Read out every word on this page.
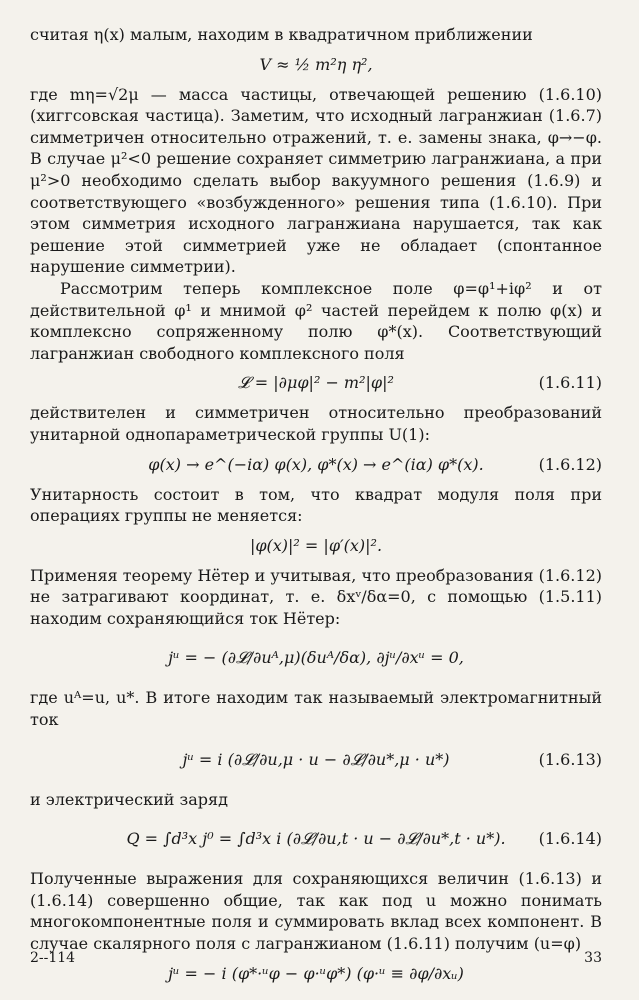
считая η(x) малым, находим в квадратичном приближении

V ≈ ½ m²η η²,

где mη=√2μ — масса частицы, отвечающей решению (1.6.10) (хиггсовская частица). Заметим, что исходный лагранжиан (1.6.7) симметричен относительно отражений, т. е. замены знака, φ→−φ. В случае μ²<0 решение сохраняет симметрию лагранжиана, а при μ²>0 необходимо сделать выбор вакуумного решения (1.6.9) и соответствующего «возбужденного» решения типа (1.6.10). При этом симметрия исходного лагранжиана нарушается, так как решение этой симметрией уже не обладает (спонтанное нарушение симметрии).

Рассмотрим теперь комплексное поле φ=φ¹+iφ² и от действительной φ¹ и мнимой φ² частей перейдем к полю φ(x) и комплексно сопряженному полю φ*(x). Соответствующий лагранжиан свободного комплексного поля

𝓛 = |∂μφ|² − m²|φ|²	(1.6.11)

действителен и симметричен относительно преобразований унитарной однопараметрической группы U(1):

φ(x) → e^(−iα) φ(x), φ*(x) → e^(iα) φ*(x).	(1.6.12)

Унитарность состоит в том, что квадрат модуля поля при операциях группы не меняется:

|φ(x)|² = |φ′(x)|².

Применяя теорему Нётер и учитывая, что преобразования (1.6.12) не затрагивают координат, т. е. δxᵛ/δα=0, с помощью (1.5.11) находим сохраняющийся ток Нётер:

jᵘ = − (∂𝓛/∂uᴬ,μ)(δuᴬ/δα), ∂jᵘ/∂xᵘ = 0,

где uᴬ=u, u*. В итоге находим так называемый электромагнитный ток

jᵘ = i (∂𝓛/∂u,μ · u − ∂𝓛/∂u*,μ · u*)	(1.6.13)

и электрический заряд

Q = ∫d³x j⁰ = ∫d³x i (∂𝓛/∂u,t · u − ∂𝓛/∂u*,t · u*). (1.6.14)

Полученные выражения для сохраняющихся величин (1.6.13) и (1.6.14) совершенно общие, так как под u можно понимать многокомпонентные поля и суммировать вклад всех компонент. В случае скалярного поля с лагранжианом (1.6.11) получим (u=φ)

jᵘ = − i (φ*·ᵘφ − φ·ᵘφ*) (φ·ᵘ ≡ ∂φ/∂xᵤ)
2--114	33
